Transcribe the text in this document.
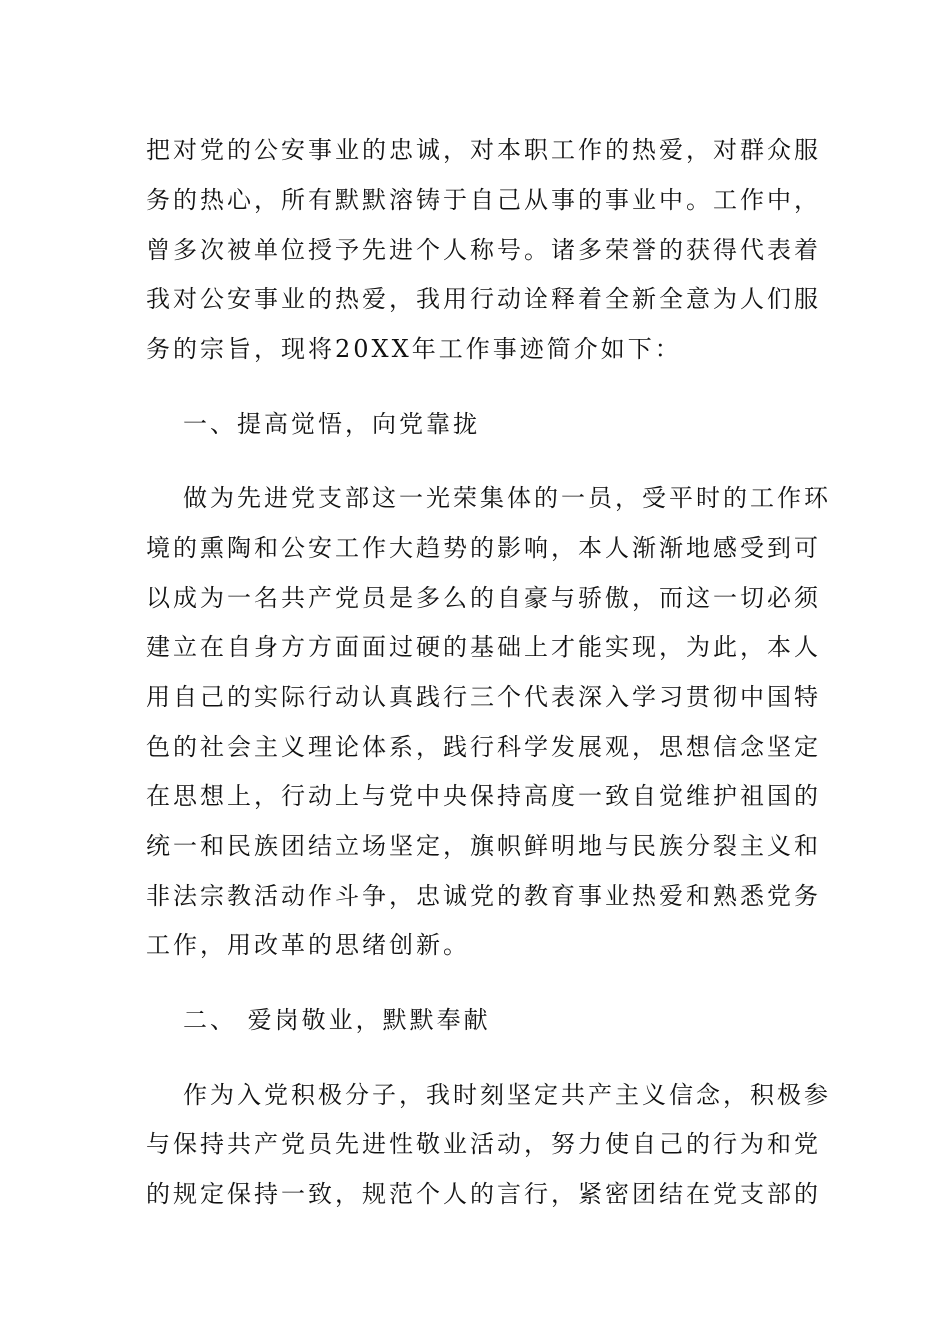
把对党的公安事业的忠诚，对本职工作的热爱，对群众服
务的热心，所有默默溶铸于自己从事的事业中。工作中，
曾多次被单位授予先进个人称号。诸多荣誉的获得代表着
我对公安事业的热爱，我用行动诠释着全新全意为人们服
务的宗旨，现将20XX年工作事迹简介如下：
一、提高觉悟，向党靠拢
做为先进党支部这一光荣集体的一员，受平时的工作环
境的熏陶和公安工作大趋势的影响，本人渐渐地感受到可
以成为一名共产党员是多么的自豪与骄傲，而这一切必须
建立在自身方方面面过硬的基础上才能实现，为此，本人
用自己的实际行动认真践行三个代表深入学习贯彻中国特
色的社会主义理论体系，践行科学发展观，思想信念坚定
在思想上，行动上与党中央保持高度一致自觉维护祖国的
统一和民族团结立场坚定，旗帜鲜明地与民族分裂主义和
非法宗教活动作斗争，忠诚党的教育事业热爱和熟悉党务
工作，用改革的思绪创新。
二、 爱岗敬业，默默奉献
作为入党积极分子，我时刻坚定共产主义信念，积极参
与保持共产党员先进性敬业活动，努力使自己的行为和党
的规定保持一致，规范个人的言行，紧密团结在党支部的
